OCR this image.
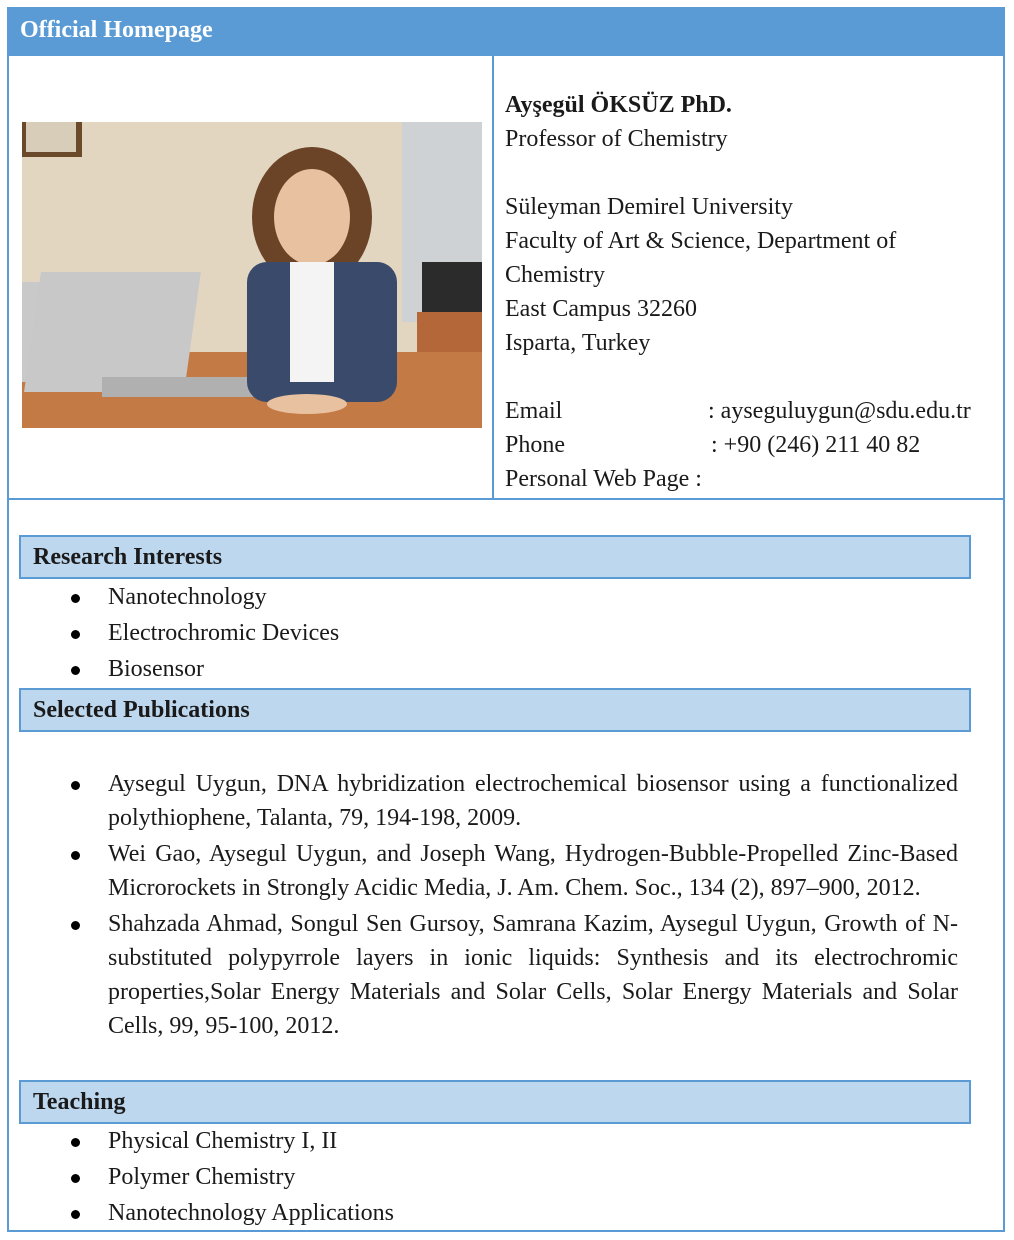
Official Homepage
Ayşegül ÖKSÜZ PhD.
Professor of Chemistry
Süleyman Demirel University
Faculty of Art & Science, Department of
Chemistry
East Campus 32260
Isparta, Turkey
Email	: ayseguluygun@sdu.edu.tr
Phone	: +90 (246) 211 40 82
Personal Web Page :
Research Interests
Nanotechnology
Electrochromic Devices
Biosensor
Selected Publications
Aysegul Uygun, DNA hybridization electrochemical biosensor using a functionalized polythiophene, Talanta, 79, 194-198, 2009.
Wei Gao, Aysegul Uygun, and Joseph Wang, Hydrogen-Bubble-Propelled Zinc-Based Microrockets in Strongly Acidic Media, J. Am. Chem. Soc., 134 (2), 897–900, 2012.
Shahzada Ahmad, Songul Sen Gursoy, Samrana Kazim, Aysegul Uygun, Growth of N-substituted polypyrrole layers in ionic liquids: Synthesis and its electrochromic properties,Solar Energy Materials and Solar Cells, Solar Energy Materials and Solar Cells, 99, 95-100, 2012.
Teaching
Physical Chemistry I, II
Polymer Chemistry
Nanotechnology Applications
